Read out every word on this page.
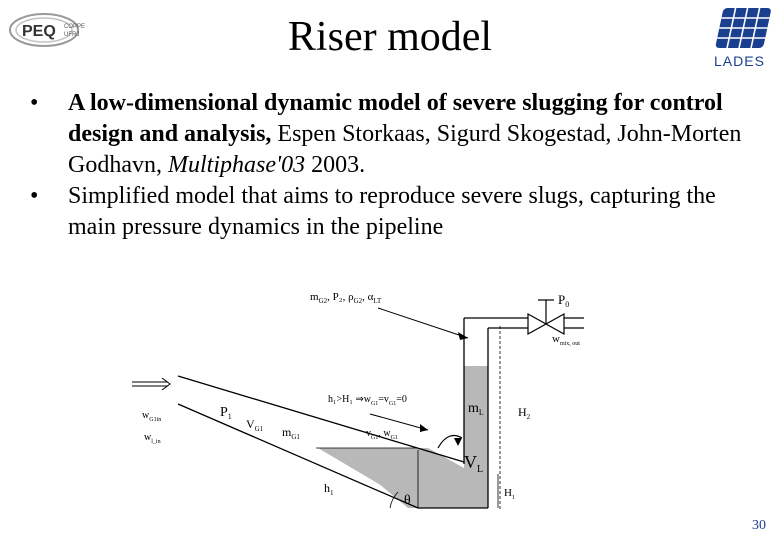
PEQ COPPE
UFRJ
LADES
Riser model
• A low-dimensional dynamic model of severe slugging for control design and analysis, Espen Storkaas, Sigurd Skogestad, John-Morten Godhavn, Multiphase'03 2003.
• Simplified model that aims to reproduce severe slugs, capturing the main pressure dynamics in the pipeline
$m_{G2}$, P₂, $\rho_{G2}$, $\alpha_{LT}$	$P_0$
$w_{mix, out}$
h₁>H₁ $\Rightarrow w_{G1}=v_{G1}=0$
$m_L$	$H_2$
$w_{G1in}$
$w_{l\_in}$
$P_1$
$V_{G1}$ $m_{G1}$	$v_{G1}$, $w_{G1}$
$V_L$
$h_1$	θ	$H_1$
30
